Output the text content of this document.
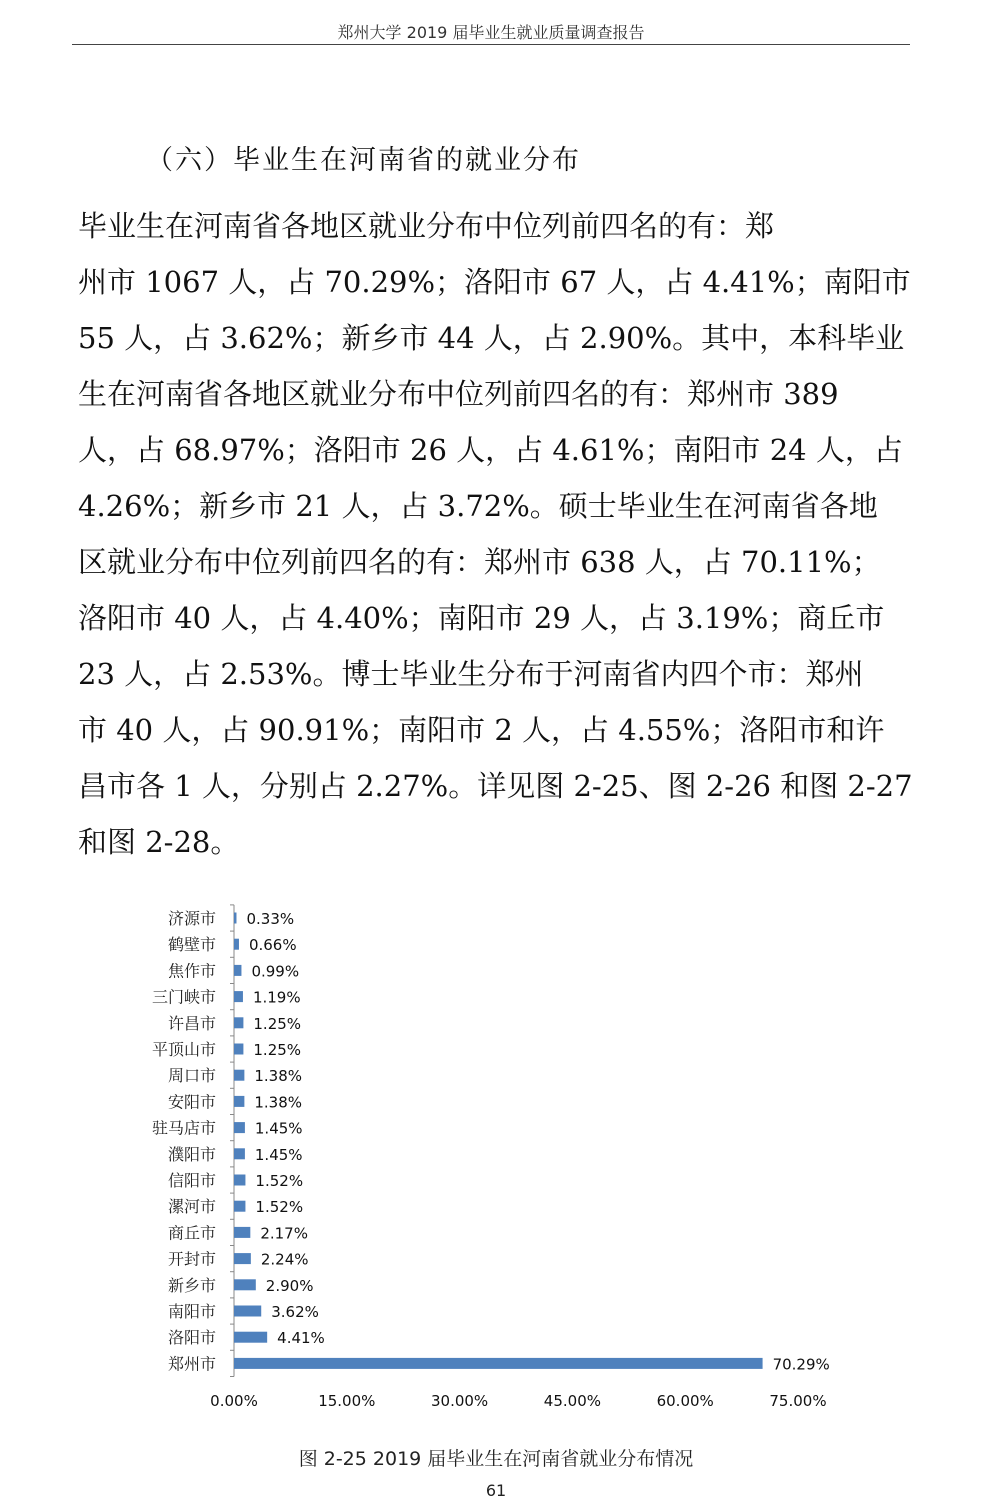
郑州大学 2019 届毕业生就业质量调查报告
（六）毕业生在河南省的就业分布
毕业生在河南省各地区就业分布中位列前四名的有：郑
州市 1067 人，占 70.29%；洛阳市 67 人，占 4.41%；南阳市
55 人，占 3.62%；新乡市 44 人，占 2.90%。其中，本科毕业
生在河南省各地区就业分布中位列前四名的有：郑州市 389
人，占 68.97%；洛阳市 26 人，占 4.61%；南阳市 24 人，占
4.26%；新乡市 21 人，占 3.72%。硕士毕业生在河南省各地
区就业分布中位列前四名的有：郑州市 638 人，占 70.11%；
洛阳市 40 人，占 4.40%；南阳市 29 人，占 3.19%；商丘市
23 人，占 2.53%。博士毕业生分布于河南省内四个市：郑州
市 40 人，占 90.91%；南阳市 2 人，占 4.55%；洛阳市和许
昌市各 1 人，分别占 2.27%。详见图 2-25、图 2-26 和图 2-27
和图 2-28。
济源市 0.33%
鹤壁市 0.66%
焦作市 0.99%
三门峡市 1.19%
许昌市 1.25%
平顶山市 1.25%
周口市	1.38%
安阳市	1.38%
驻马店市	1.45%
濮阳市	1.45%
信阳市	1.52%
漯河市	1.52%
商丘市	2.17%
开封市	2.24%
新乡市	2.90%
南阳市	3.62%
洛阳市	4.41%
郑州市	70.29%
0.00%	15.00%	30.00%	45.00%	60.00%	75.00%
图 2-25 2019 届毕业生在河南省就业分布情况
61
